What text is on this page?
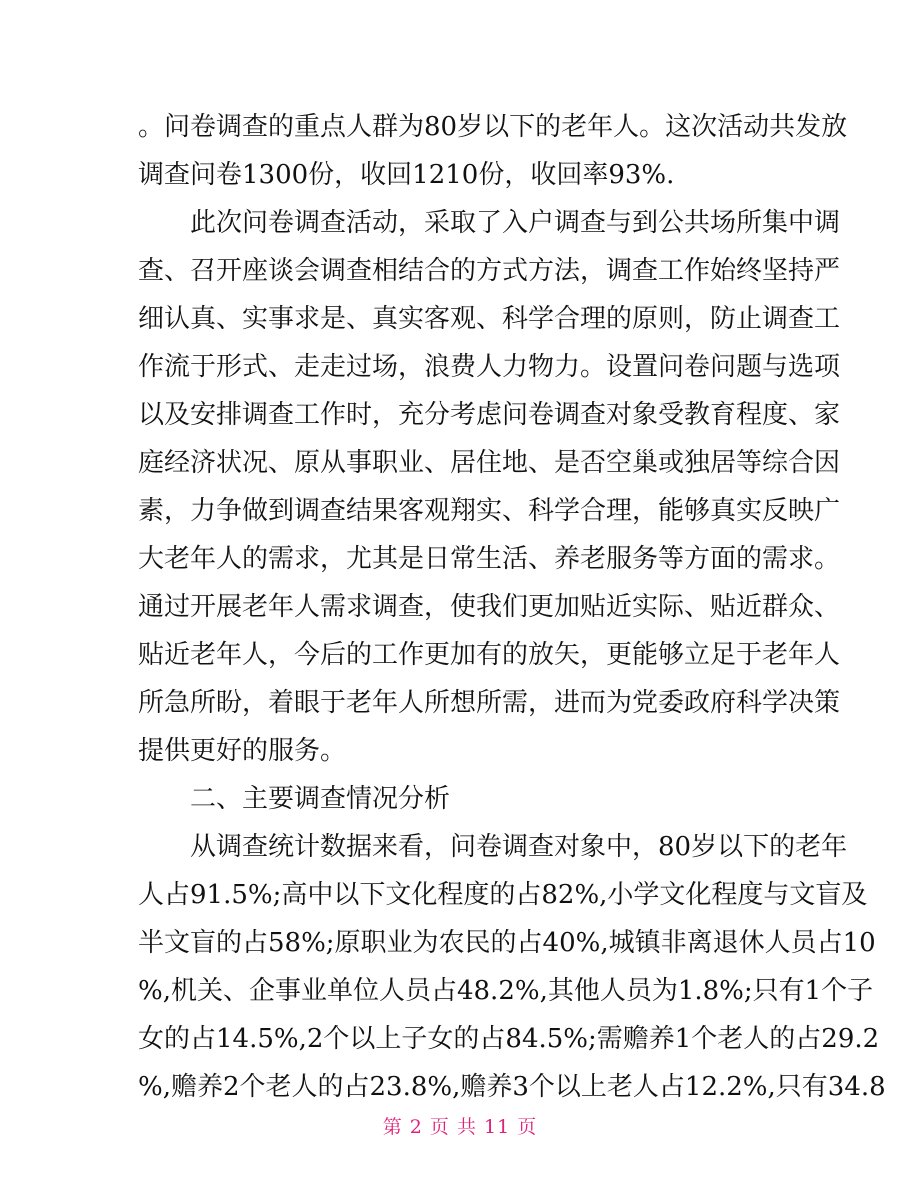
。问卷调查的重点人群为80岁以下的老年人。这次活动共发放
调查问卷1300份，收回1210份，收回率93%.
此次问卷调查活动，采取了入户调查与到公共场所集中调
查、召开座谈会调查相结合的方式方法，调查工作始终坚持严
细认真、实事求是、真实客观、科学合理的原则，防止调查工
作流于形式、走走过场，浪费人力物力。设置问卷问题与选项
以及安排调查工作时，充分考虑问卷调查对象受教育程度、家
庭经济状况、原从事职业、居住地、是否空巢或独居等综合因
素，力争做到调查结果客观翔实、科学合理，能够真实反映广
大老年人的需求，尤其是日常生活、养老服务等方面的需求。
通过开展老年人需求调查，使我们更加贴近实际、贴近群众、
贴近老年人，今后的工作更加有的放矢，更能够立足于老年人
所急所盼，着眼于老年人所想所需，进而为党委政府科学决策
提供更好的服务。
二、主要调查情况分析
从调查统计数据来看，问卷调查对象中，80岁以下的老年
人占91.5%;高中以下文化程度的占82%,小学文化程度与文盲及
半文盲的占58%;原职业为农民的占40%,城镇非离退休人员占10
%,机关、企事业单位人员占48.2%,其他人员为1.8%;只有1个子
女的占14.5%,2个以上子女的占84.5%;需赡养1个老人的占29.2
%,赡养2个老人的占23.8%,赡养3个以上老人占12.2%,只有34.8
第 2 页 共 11 页
